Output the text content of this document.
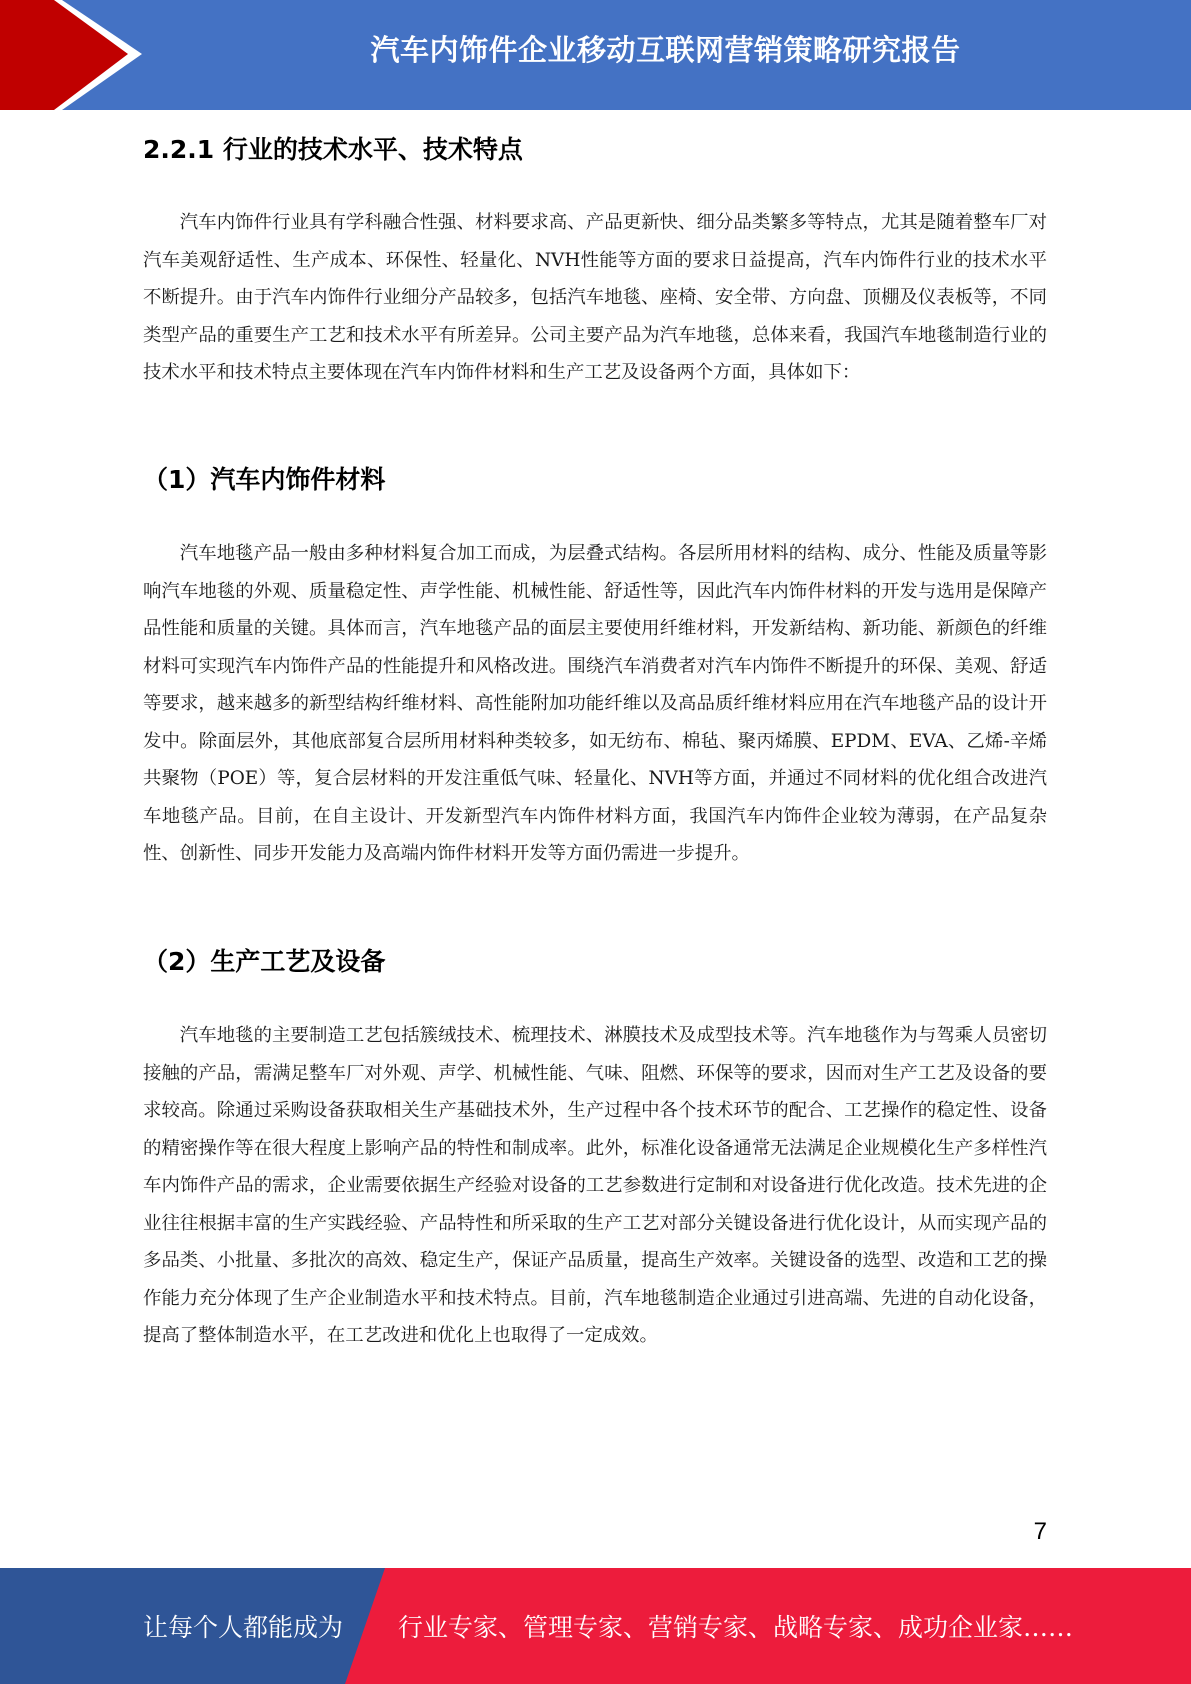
汽车内饰件企业移动互联网营销策略研究报告
2.2.1 行业的技术水平、技术特点

汽车内饰件行业具有学科融合性强、材料要求高、产品更新快、细分品类繁多等特点，尤其是随着整车厂对汽车美观舒适性、生产成本、环保性、轻量化、NVH性能等方面的要求日益提高，汽车内饰件行业的技术水平不断提升。由于汽车内饰件行业细分产品较多，包括汽车地毯、座椅、安全带、方向盘、顶棚及仪表板等，不同类型产品的重要生产工艺和技术水平有所差异。公司主要产品为汽车地毯，总体来看，我国汽车地毯制造行业的技术水平和技术特点主要体现在汽车内饰件材料和生产工艺及设备两个方面，具体如下：

（1）汽车内饰件材料

汽车地毯产品一般由多种材料复合加工而成，为层叠式结构。各层所用材料的结构、成分、性能及质量等影响汽车地毯的外观、质量稳定性、声学性能、机械性能、舒适性等，因此汽车内饰件材料的开发与选用是保障产品性能和质量的关键。具体而言，汽车地毯产品的面层主要使用纤维材料，开发新结构、新功能、新颜色的纤维材料可实现汽车内饰件产品的性能提升和风格改进。围绕汽车消费者对汽车内饰件不断提升的环保、美观、舒适等要求，越来越多的新型结构纤维材料、高性能附加功能纤维以及高品质纤维材料应用在汽车地毯产品的设计开发中。除面层外，其他底部复合层所用材料种类较多，如无纺布、棉毡、聚丙烯膜、EPDM、EVA、乙烯-辛烯共聚物（POE）等，复合层材料的开发注重低气味、轻量化、NVH等方面，并通过不同材料的优化组合改进汽车地毯产品。目前，在自主设计、开发新型汽车内饰件材料方面，我国汽车内饰件企业较为薄弱，在产品复杂性、创新性、同步开发能力及高端内饰件材料开发等方面仍需进一步提升。

（2）生产工艺及设备

汽车地毯的主要制造工艺包括簇绒技术、梳理技术、淋膜技术及成型技术等。汽车地毯作为与驾乘人员密切接触的产品，需满足整车厂对外观、声学、机械性能、气味、阻燃、环保等的要求，因而对生产工艺及设备的要求较高。除通过采购设备获取相关生产基础技术外，生产过程中各个技术环节的配合、工艺操作的稳定性、设备的精密操作等在很大程度上影响产品的特性和制成率。此外，标准化设备通常无法满足企业规模化生产多样性汽车内饰件产品的需求，企业需要依据生产经验对设备的工艺参数进行定制和对设备进行优化改造。技术先进的企业往往根据丰富的生产实践经验、产品特性和所采取的生产工艺对部分关键设备进行优化设计，从而实现产品的多品类、小批量、多批次的高效、稳定生产，保证产品质量，提高生产效率。关键设备的选型、改造和工艺的操作能力充分体现了生产企业制造水平和技术特点。目前，汽车地毯制造企业通过引进高端、先进的自动化设备，提高了整体制造水平，在工艺改进和优化上也取得了一定成效。

7
让每个人都能成为 行业专家、管理专家、营销专家、战略专家、成功企业家……
